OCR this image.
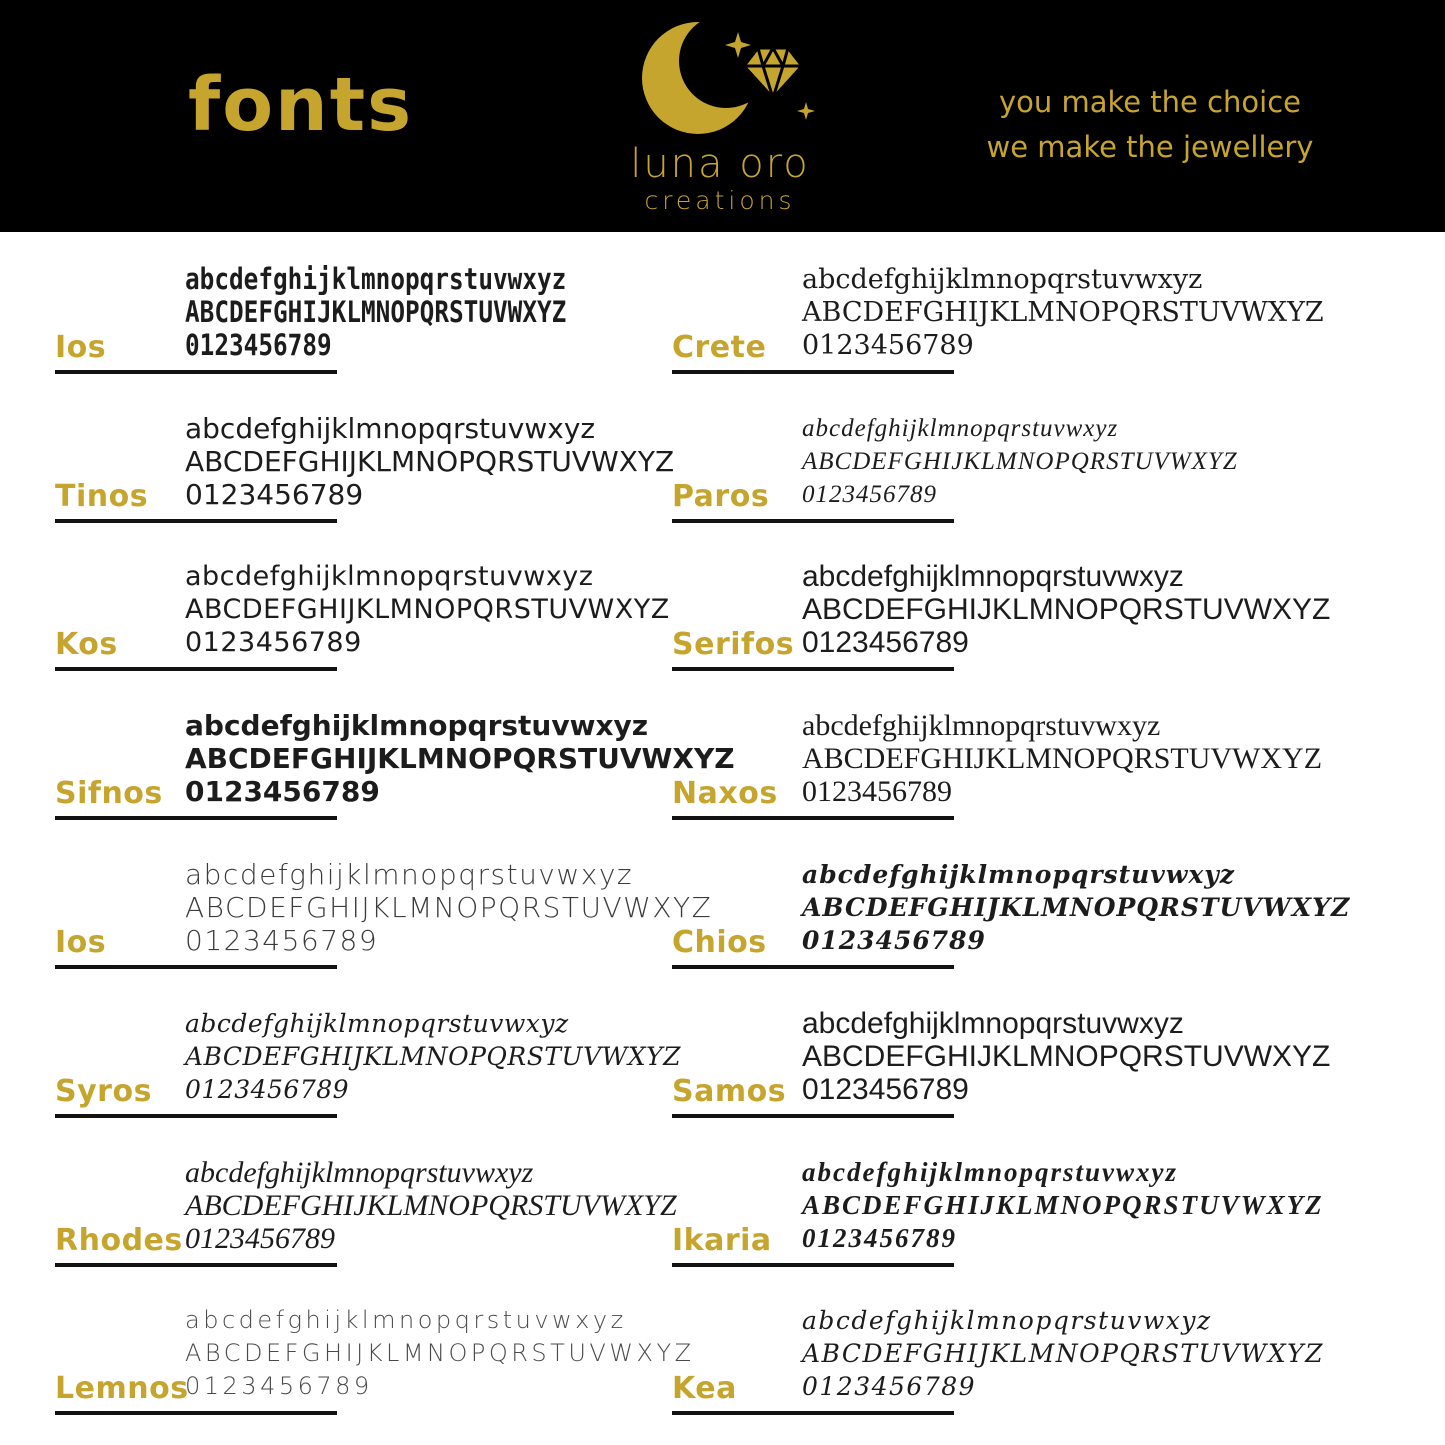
fonts
luna oro
creations
you make the choice
we make the jewellery
abcdefghijklmnopqrstuvwxyz
ABCDEFGHIJKLMNOPQRSTUVWXYZ
0123456789
Ios
abcdefghijklmnopqrstuvwxyz
ABCDEFGHIJKLMNOPQRSTUVWXYZ
0123456789
Tinos
abcdefghijklmnopqrstuvwxyz
ABCDEFGHIJKLMNOPQRSTUVWXYZ
0123456789
Kos
abcdefghijklmnopqrstuvwxyz
ABCDEFGHIJKLMNOPQRSTUVWXYZ
0123456789
Sifnos
abcdefghijklmnopqrstuvwxyz
ABCDEFGHIJKLMNOPQRSTUVWXYZ
0123456789
Ios
abcdefghijklmnopqrstuvwxyz
ABCDEFGHIJKLMNOPQRSTUVWXYZ
0123456789
Syros
abcdefghijklmnopqrstuvwxyz
ABCDEFGHIJKLMNOPQRSTUVWXYZ
0123456789
Rhodes
abcdefghijklmnopqrstuvwxyz
ABCDEFGHIJKLMNOPQRSTUVWXYZ
0123456789
Lemnos
abcdefghijklmnopqrstuvwxyz
ABCDEFGHIJKLMNOPQRSTUVWXYZ
0123456789
Crete
abcdefghijklmnopqrstuvwxyz
ABCDEFGHIJKLMNOPQRSTUVWXYZ
0123456789
Paros
abcdefghijklmnopqrstuvwxyz
ABCDEFGHIJKLMNOPQRSTUVWXYZ
0123456789
Serifos
abcdefghijklmnopqrstuvwxyz
ABCDEFGHIJKLMNOPQRSTUVWXYZ
0123456789
Naxos
abcdefghijklmnopqrstuvwxyz
ABCDEFGHIJKLMNOPQRSTUVWXYZ
0123456789
Chios
abcdefghijklmnopqrstuvwxyz
ABCDEFGHIJKLMNOPQRSTUVWXYZ
0123456789
Samos
abcdefghijklmnopqrstuvwxyz
ABCDEFGHIJKLMNOPQRSTUVWXYZ
0123456789
Ikaria
abcdefghijklmnopqrstuvwxyz
ABCDEFGHIJKLMNOPQRSTUVWXYZ
0123456789
Kea
